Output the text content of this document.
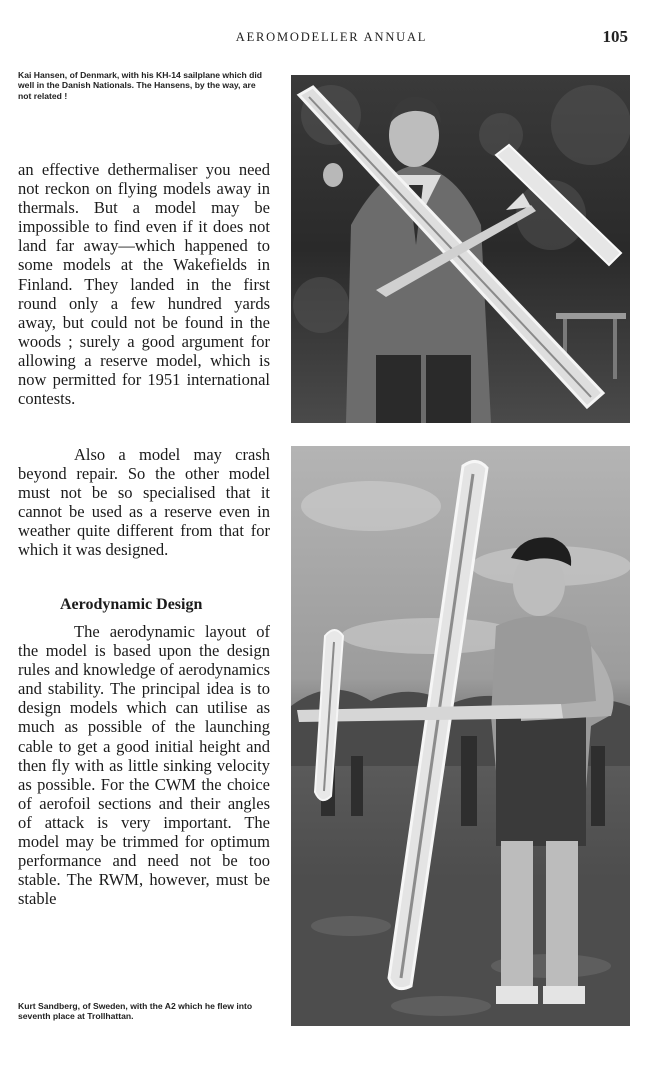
AEROMODELLER ANNUAL	105
Kai Hansen, of Denmark, with his KH-14 sailplane which did well in the Danish Nationals. The Hansens, by the way, are not related !

an effective dethermaliser you need not reckon on flying models away in thermals. But a model may be impossible to find even if it does not land far away—which happened to some models at the Wakefields in Finland. They landed in the first round only a few hundred yards away, but could not be found in the woods ; surely a good argument for allowing a reserve model, which is now permitted for 1951 international contests.

Also a model may crash beyond repair. So the other model must not be so specialised that it cannot be used as a reserve even in weather quite different from that for which it was designed.

Aerodynamic Design

The aerodynamic layout of the model is based upon the design rules and knowledge of aerodynamics and stability. The principal idea is to design models which can utilise as much as possible of the launching cable to get a good initial height and then fly with as little sinking velocity as possible. For the CWM the choice of aerofoil sections and their angles of attack is very important. The model may be trimmed for optimum performance and need not be too stable. The RWM, however, must be stable

Kurt Sandberg, of Sweden, with the A2 which he flew into seventh place at Trollhattan.
